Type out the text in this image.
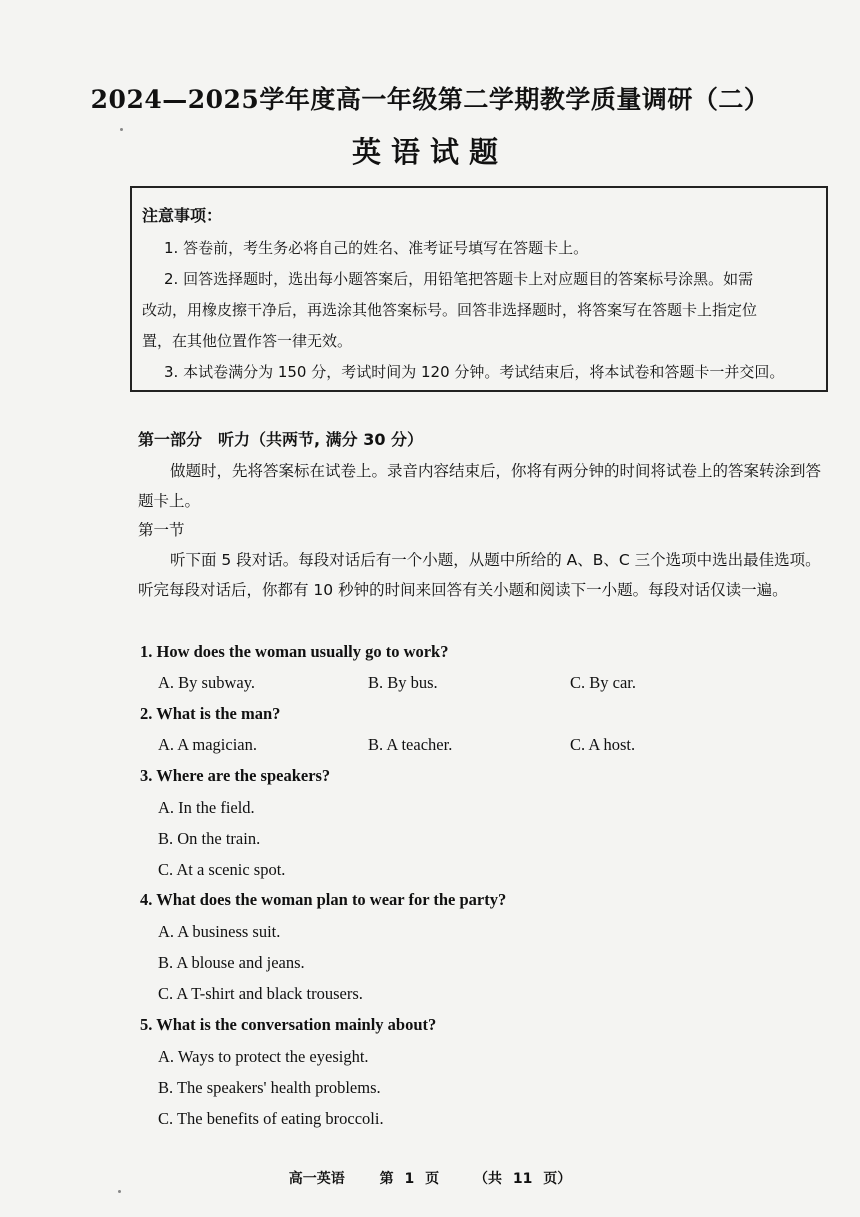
2024—2025学年度高一年级第二学期教学质量调研（二）
英语试题

注意事项：

1. 答卷前，考生务必将自己的姓名、准考证号填写在答题卡上。

2. 回答选择题时，选出每小题答案后，用铅笔把答题卡上对应题目的答案标号涂黑。如需

改动，用橡皮擦干净后，再选涂其他答案标号。回答非选择题时，将答案写在答题卡上指定位

置，在其他位置作答一律无效。

3. 本试卷满分为 150 分，考试时间为 120 分钟。考试结束后，将本试卷和答题卡一并交回。

第一部分　听力（共两节, 满分 30 分）
做题时，先将答案标在试卷上。录音内容结束后，你将有两分钟的时间将试卷上的答案转涂到答题卡上。
第一节
听下面 5 段对话。每段对话后有一个小题，从题中所给的 A、B、C 三个选项中选出最佳选项。听完每段对话后，你都有 10 秒钟的时间来回答有关小题和阅读下一小题。每段对话仅读一遍。
1. How does the woman usually go to work?
A. By subway.	B. By bus.	C. By car.
2. What is the man?
A. A magician.	B. A teacher.	C. A host.
3. Where are the speakers?
A. In the field.
B. On the train.
C. At a scenic spot.
4. What does the woman plan to wear for the party?
A. A business suit.
B. A blouse and jeans.
C. A T-shirt and black trousers.
5. What is the conversation mainly about?
A. Ways to protect the eyesight.
B. The speakers' health problems.
C. The benefits of eating broccoli.
高一英语 第 1 页 （共 11 页）
